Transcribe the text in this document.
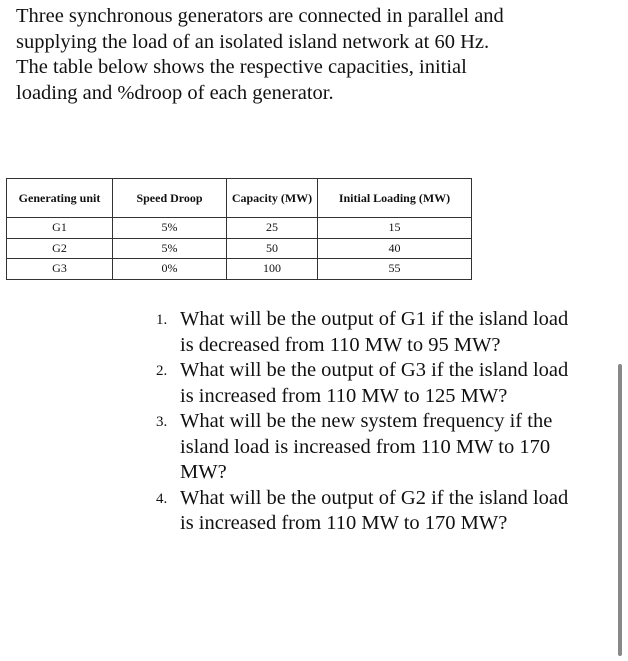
Three synchronous generators are connected in parallel and supplying the load of an isolated island network at 60 Hz. The table below shows the respective capacities, initial loading and %droop of each generator.
Generating unit	Speed Droop	Capacity (MW)	Initial Loading (MW)
G1	5%	25	15
G2	5%	50	40
G3	0%	100	55
1. What will be the output of G1 if the island load is decreased from 110 MW to 95 MW?
2. What will be the output of G3 if the island load is increased from 110 MW to 125 MW?
3. What will be the new system frequency if the island load is increased from 110 MW to 170 MW?
4. What will be the output of G2 if the island load is increased from 110 MW to 170 MW?
